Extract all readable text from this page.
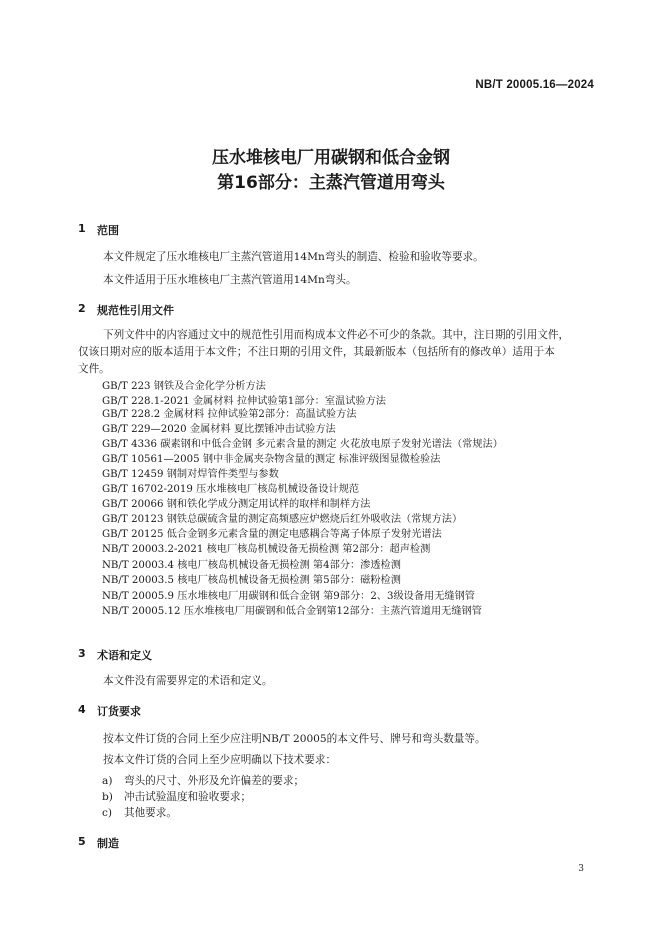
NB/T 20005.16—2024
压水堆核电厂用碳钢和低合金钢
第16部分：主蒸汽管道用弯头
1 范围
本文件规定了压水堆核电厂主蒸汽管道用14Mn弯头的制造、检验和验收等要求。
本文件适用于压水堆核电厂主蒸汽管道用14Mn弯头。
2 规范性引用文件
下列文件中的内容通过文中的规范性引用而构成本文件必不可少的条款。其中，注日期的引用文件，
仅该日期对应的版本适用于本文件；不注日期的引用文件，其最新版本（包括所有的修改单）适用于本
文件。
GB/T 223 钢铁及合金化学分析方法
GB/T 228.1-2021 金属材料 拉伸试验第1部分：室温试验方法
GB/T 228.2 金属材料 拉伸试验第2部分：高温试验方法
GB/T 229—2020 金属材料 夏比摆锤冲击试验方法
GB/T 4336 碳素钢和中低合金钢 多元素含量的测定 火花放电原子发射光谱法（常规法）
GB/T 10561—2005 钢中非金属夹杂物含量的测定 标准评级图显微检验法
GB/T 12459 钢制对焊管件类型与参数
GB/T 16702-2019 压水堆核电厂核岛机械设备设计规范
GB/T 20066 钢和铁化学成分测定用试样的取样和制样方法
GB/T 20123 钢铁总碳硫含量的测定高频感应炉燃烧后红外吸收法（常规方法）
GB/T 20125 低合金钢多元素含量的测定电感耦合等离子体原子发射光谱法
NB/T 20003.2-2021 核电厂核岛机械设备无损检测 第2部分：超声检测
NB/T 20003.4 核电厂核岛机械设备无损检测 第4部分：渗透检测
NB/T 20003.5 核电厂核岛机械设备无损检测 第5部分：磁粉检测
NB/T 20005.9 压水堆核电厂用碳钢和低合金钢 第9部分：2、3级设备用无缝钢管
NB/T 20005.12 压水堆核电厂用碳钢和低合金钢第12部分：主蒸汽管道用无缝钢管
3 术语和定义
本文件没有需要界定的术语和定义。
4 订货要求
按本文件订货的合同上至少应注明NB/T 20005的本文件号、牌号和弯头数量等。
按本文件订货的合同上至少应明确以下技术要求：
a) 弯头的尺寸、外形及允许偏差的要求；
b) 冲击试验温度和验收要求；
c) 其他要求。
5 制造
3
